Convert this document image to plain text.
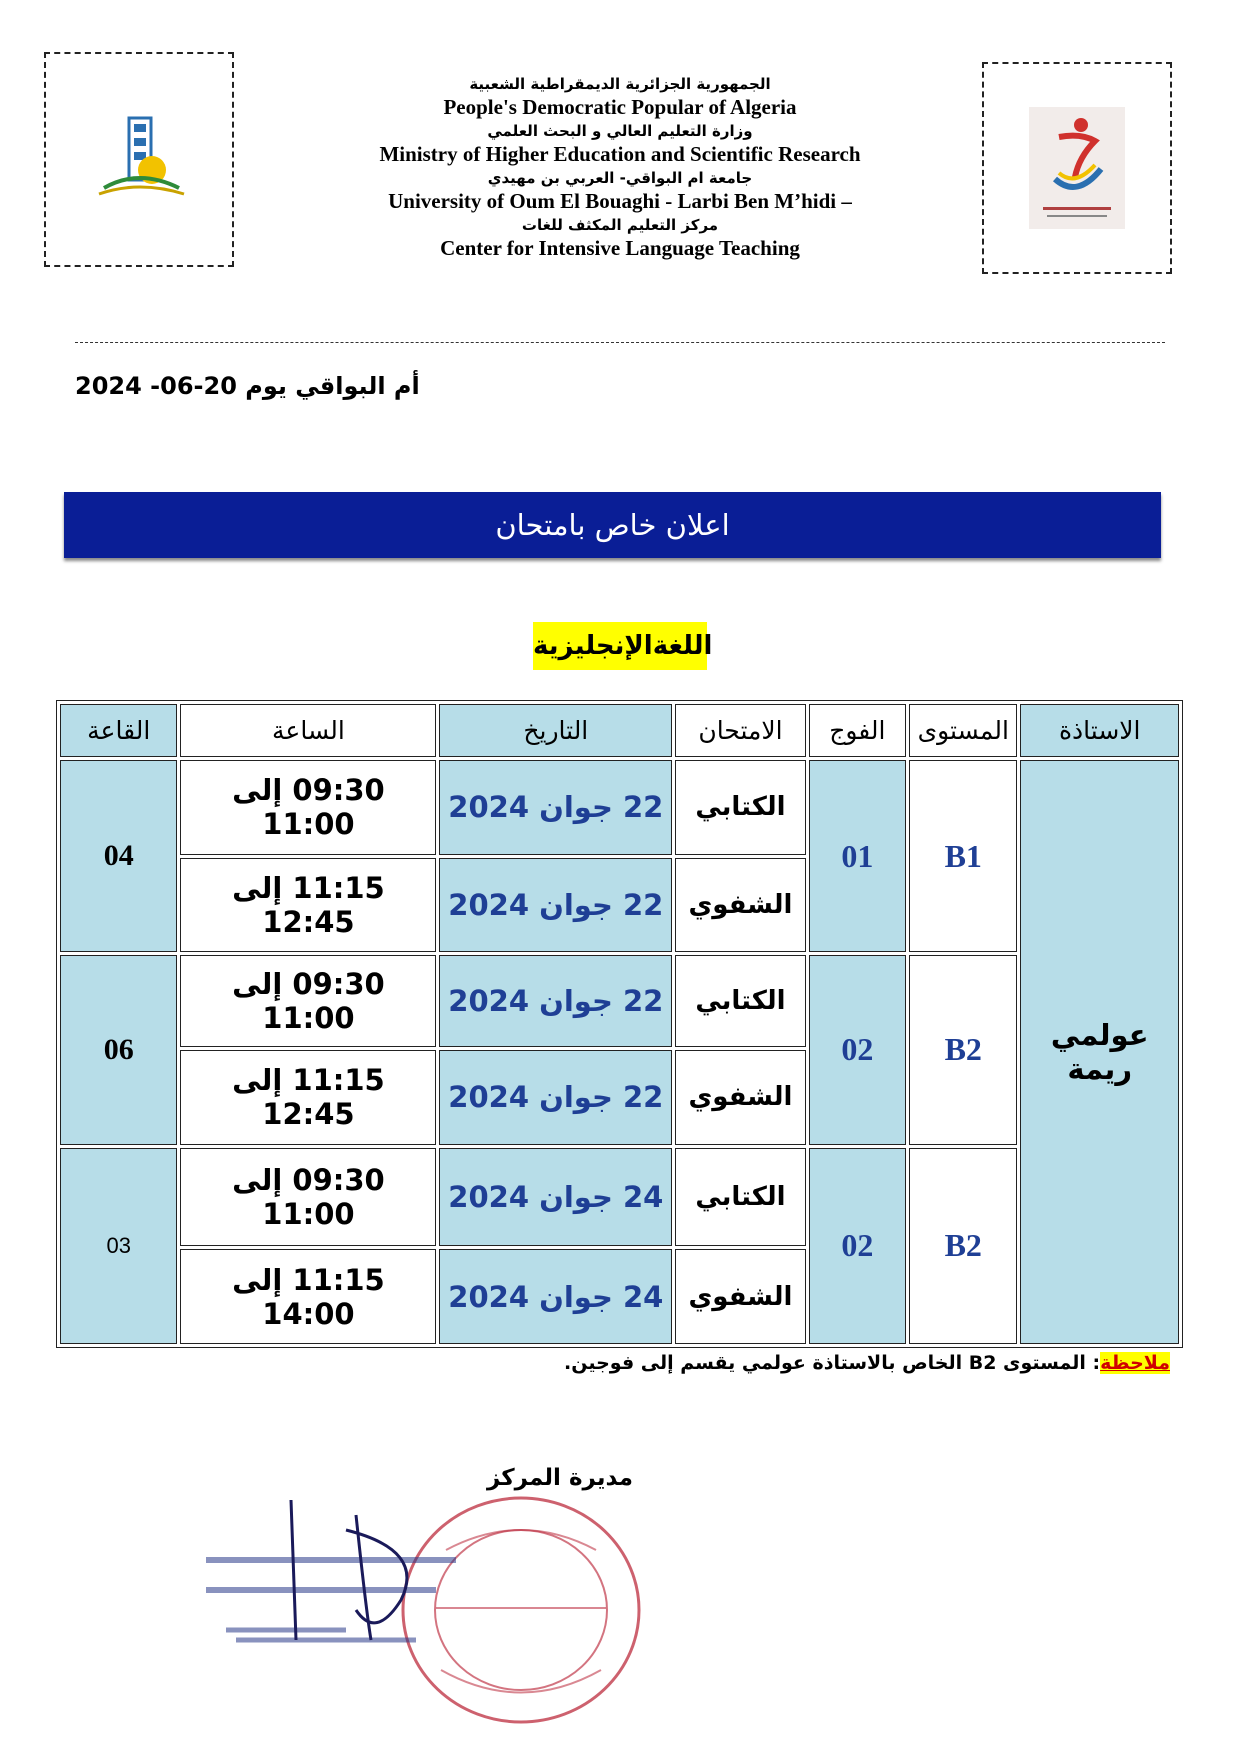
الجمهورية الجزائرية الديمقراطية الشعبية
People's Democratic Popular of Algeria
وزارة التعليم العالي و البحث العلمي
Ministry of Higher Education and Scientific Research
جامعة ام البواقي- العربي بن مهيدي
University of Oum El Bouaghi - Larbi Ben M’hidi –
مركز التعليم المكثف للغات
Center for Intensive Language Teaching
أم البواقي يوم 20-06- 2024
اعلان خاص بامتحان
اللغةالإنجليزية
الاستاذة	المستوى	الفوج	الامتحان	التاريخ	الساعة	القاعة
عولمي ريمة	B1	01	الكتابي	22 جوان 2024	09:30 إلى 11:00	04
			الشفوي	22 جوان 2024	11:15 إلى 12:45	
	B2	02	الكتابي	22 جوان 2024	09:30 إلى 11:00	06
			الشفوي	22 جوان 2024	11:15 إلى 12:45	
	B2	02	الكتابي	24 جوان 2024	09:30 إلى 11:00	03
			الشفوي	24 جوان 2024	11:15 إلى 14:00	
ملاحظة: المستوى B2 الخاص بالاستاذة عولمي يقسم إلى فوجين.
مديرة المركز
